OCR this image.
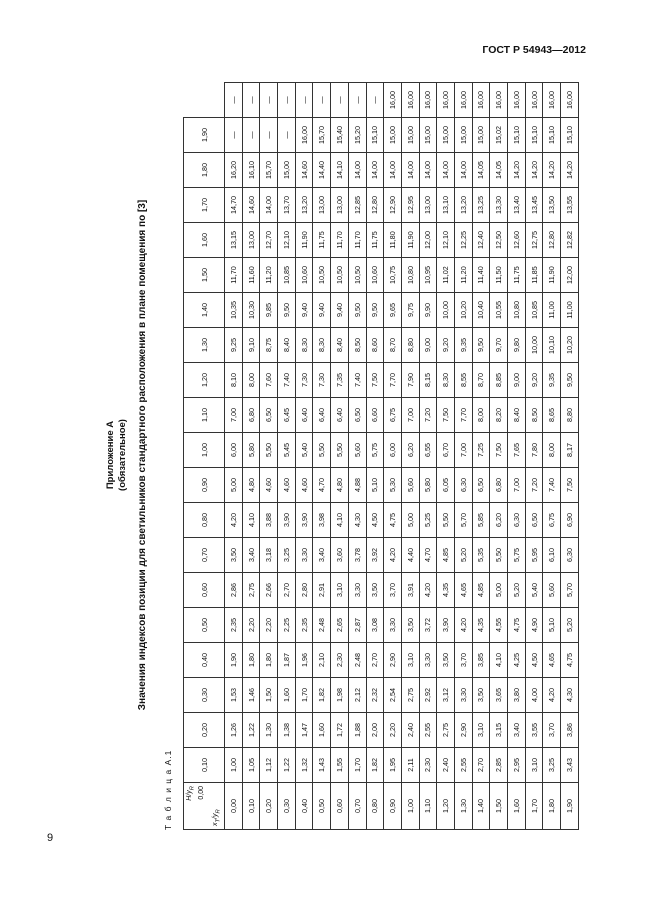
ГОСТ Р 54943—2012
Приложение А (обязательное) Значения индексов позиции для светильников стандартного расположения в плане помещения по [3]
Т а б л и ц а А.1 $H/y_R$ 0,00
$x_T/y_R$	0,10	0,20	0,30	0,40	0,50	0,60	0,70	0,80	0,90	1,00	1,10	1,20	1,30	1,40	1,50	1,60	1,70	1,80	1,90	
0,00	1,00	1,26	1,53	1,90	2,35	2,86	3,50	4,20	5,00	6,00	7,00	8,10	9,25	10,35	11,70	13,15	14,70	16,20	—	—
0,10	1,05	1,22	1,46	1,80	2,20	2,75	3,40	4,10	4,80	5,80	6,80	8,00	9,10	10,30	11,60	13,00	14,60	16,10	—	—
0,20	1,12	1,30	1,50	1,80	2,20	2,66	3,18	3,88	4,60	5,50	6,50	7,60	8,75	9,85	11,20	12,70	14,00	15,70	—	—
0,30	1,22	1,38	1,60	1,87	2,25	2,70	3,25	3,90	4,60	5,45	6,45	7,40	8,40	9,50	10,85	12,10	13,70	15,00	—	—
0,40	1,32	1,47	1,70	1,96	2,35	2,80	3,30	3,90	4,60	5,40	6,40	7,30	8,30	9,40	10,60	11,90	13,20	14,60	16,00	—
0,50	1,43	1,60	1,82	2,10	2,48	2,91	3,40	3,98	4,70	5,50	6,40	7,30	8,30	9,40	10,50	11,75	13,00	14,40	15,70	—
0,60	1,55	1,72	1,98	2,30	2,65	3,10	3,60	4,10	4,80	5,50	6,40	7,35	8,40	9,40	10,50	11,70	13,00	14,10	15,40	—
0,70	1,70	1,88	2,12	2,48	2,87	3,30	3,78	4,30	4,88	5,60	6,50	7,40	8,50	9,50	10,50	11,70	12,85	14,00	15,20	—
0,80	1,82	2,00	2,32	2,70	3,08	3,50	3,92	4,50	5,10	5,75	6,60	7,50	8,60	9,50	10,60	11,75	12,80	14,00	15,10	—
0,90	1,95	2,20	2,54	2,90	3,30	3,70	4,20	4,75	5,30	6,00	6,75	7,70	8,70	9,65	10,75	11,80	12,90	14,00	15,00	16,00
1,00	2,11	2,40	2,75	3,10	3,50	3,91	4,40	5,00	5,60	6,20	7,00	7,90	8,80	9,75	10,80	11,90	12,95	14,00	15,00	16,00
1,10	2,30	2,55	2,92	3,30	3,72	4,20	4,70	5,25	5,80	6,55	7,20	8,15	9,00	9,90	10,95	12,00	13,00	14,00	15,00	16,00
1,20	2,40	2,75	3,12	3,50	3,90	4,35	4,85	5,50	6,05	6,70	7,50	8,30	9,20	10,00	11,02	12,10	13,10	14,00	15,00	16,00
1,30	2,55	2,90	3,30	3,70	4,20	4,65	5,20	5,70	6,30	7,00	7,70	8,55	9,35	10,20	11,20	12,25	13,20	14,00	15,00	16,00
1,40	2,70	3,10	3,50	3,85	4,35	4,85	5,35	5,85	6,50	7,25	8,00	8,70	9,50	10,40	11,40	12,40	13,25	14,05	15,00	16,00
1,50	2,85	3,15	3,65	4,10	4,55	5,00	5,50	6,20	6,80	7,50	8,20	8,85	9,70	10,55	11,50	12,50	13,30	14,05	15,02	16,00
1,60	2,95	3,40	3,80	4,25	4,75	5,20	5,75	6,30	7,00	7,65	8,40	9,00	9,80	10,80	11,75	12,60	13,40	14,20	15,10	16,00
1,70	3,10	3,55	4,00	4,50	4,90	5,40	5,95	6,50	7,20	7,80	8,50	9,20	10,00	10,85	11,85	12,75	13,45	14,20	15,10	16,00
1,80	3,25	3,70	4,20	4,65	5,10	5,60	6,10	6,75	7,40	8,00	8,65	9,35	10,10	11,00	11,90	12,80	13,50	14,20	15,10	16,00
1,90	3,43	3,86	4,30	4,75	5,20	5,70	6,30	6,90	7,50	8,17	8,80	9,50	10,20	11,00	12,00	12,82	13,55	14,20	15,10	16,00
9
